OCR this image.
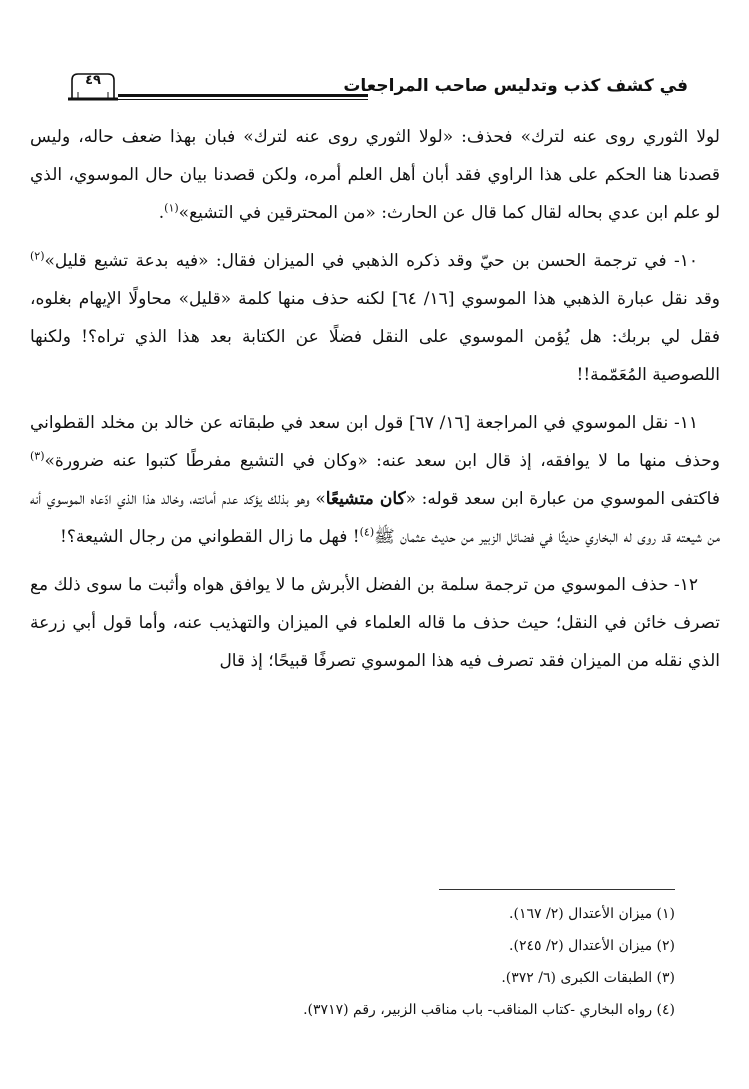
في كشف كذب وتدليس صاحب المراجعات
٤٩

لولا الثوري روى عنه لترك» فحذف: «لولا الثوري روى عنه لترك» فبان بهذا ضعف حاله، وليس قصدنا هنا الحكم على هذا الراوي فقد أبان أهل العلم أمره، ولكن قصدنا بيان حال الموسوي، الذي لو علم ابن عدي بحاله لقال كما قال عن الحارث: «من المحترقين في التشيع»$^{(١)}$.

١٠- في ترجمة الحسن بن حيّ وقد ذكره الذهبي في الميزان فقال: «فيه بدعة تشيع قليل»$^{(٢)}$ وقد نقل عبارة الذهبي هذا الموسوي [١٦/ ٦٤] لكنه حذف منها كلمة «قليل» محاولًا الإيهام بغلوه، فقل لي بربك: هل يُؤمن الموسوي على النقل فضلًا عن الكتابة بعد هذا الذي تراه؟! ولكنها اللصوصية المُعَمّمة!!

١١- نقل الموسوي في المراجعة [١٦/ ٦٧] قول ابن سعد في طبقاته عن خالد بن مخلد القطواني وحذف منها ما لا يوافقه، إذ قال ابن سعد عنه: «وكان في التشيع مفرطًا كتبوا عنه ضرورة»$^{(٣)}$ فاكتفى الموسوي من عبارة ابن سعد قوله: «كان متشيعًا» وهو بذلك يؤكد عدم أمانته، وخالد هذا الذي ادّعاه الموسوي أنه من شيعته قد روى له البخاري حديثًا في فضائل الزبير من حديث عثمان ﷺ$^{(٤)}$! فهل ما زال القطواني من رجال الشيعة؟!

١٢- حذف الموسوي من ترجمة سلمة بن الفضل الأبرش ما لا يوافق هواه وأثبت ما سوى ذلك مع تصرف خائن في النقل؛ حيث حذف ما قاله العلماء في الميزان والتهذيب عنه، وأما قول أبي زرعة الذي نقله من الميزان فقد تصرف فيه هذا الموسوي تصرفًا قبيحًا؛ إذ قال

(١) ميزان الأعتدال (٢/ ١٦٧).

(٢) ميزان الأعتدال (٢/ ٢٤٥).

(٣) الطبقات الكبرى (٦/ ٣٧٢).

(٤) رواه البخاري -كتاب المناقب- باب مناقب الزبير، رقم (٣٧١٧).
